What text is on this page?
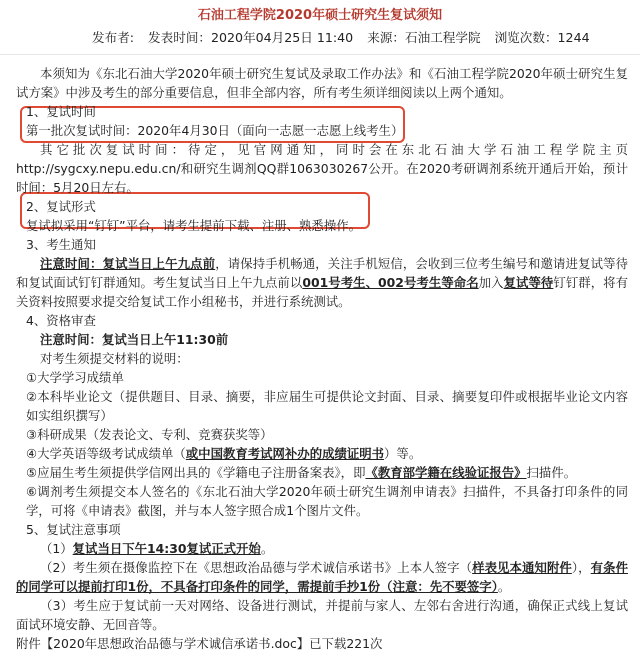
石油工程学院2020年硕士研究生复试须知
发布者: 发表时间：2020年04月25日 11:40 来源：石油工程学院 浏览次数：1244

本须知为《东北石油大学2020年硕士研究生复试及录取工作办法》和《石油工程学院2020年硕士研究生复试方案》中涉及考生的部分重要信息，但非全部内容，所有考生须详细阅读以上两个通知。

1、复试时间

第一批次复试时间：2020年4月30日（面向一志愿一志愿上线考生）

其它批次复试时间：待定，见官网通知，同时会在东北石油大学石油工程学院主页http://sygcxy.nepu.edu.cn/和研究生调剂QQ群1063030267公开。在2020考研调剂系统开通后开始，预计时间：5月20日左右。

2、复试形式

复试拟采用“钉钉”平台，请考生提前下载、注册、熟悉操作。

3、考生通知

注意时间：复试当日上午九点前，请保持手机畅通，关注手机短信，会收到三位考生编号和邀请进复试等待和复试面试钉钉群通知。考生复试当日上午九点前以001号考生、002号考生等命名加入复试等待钉钉群，将有关资料按照要求提交给复试工作小组秘书，并进行系统测试。

4、资格审查

注意时间：复试当日上午11:30前

对考生须提交材料的说明：

①大学学习成绩单

②本科毕业论文（提供题目、目录、摘要，非应届生可提供论文封面、目录、摘要复印件或根据毕业论文内容如实组织撰写）

③科研成果（发表论文、专利、竞赛获奖等）

④大学英语等级考试成绩单（或中国教育考试网补办的成绩证明书）等。

⑤应届生考生须提供学信网出具的《学籍电子注册备案表》，即《教育部学籍在线验证报告》扫描件。

⑥调剂考生须提交本人签名的《东北石油大学2020年硕士研究生调剂申请表》扫描件，不具备打印条件的同学，可将《申请表》截图，并与本人签字照合成1个图片文件。

5、复试注意事项

（1）复试当日下午14:30复试正式开始。

（2）考生须在摄像监控下在《思想政治品德与学术诚信承诺书》上本人签字（样表见本通知附件），有条件的同学可以提前打印1份，不具备打印条件的同学，需提前手抄1份（注意：先不要签字）。

（3）考生应于复试前一天对网络、设备进行测试，并提前与家人、左邻右舍进行沟通，确保正式线上复试面试环境安静、无回音等。

附件【2020年思想政治品德与学术诚信承诺书.doc】已下载221次
